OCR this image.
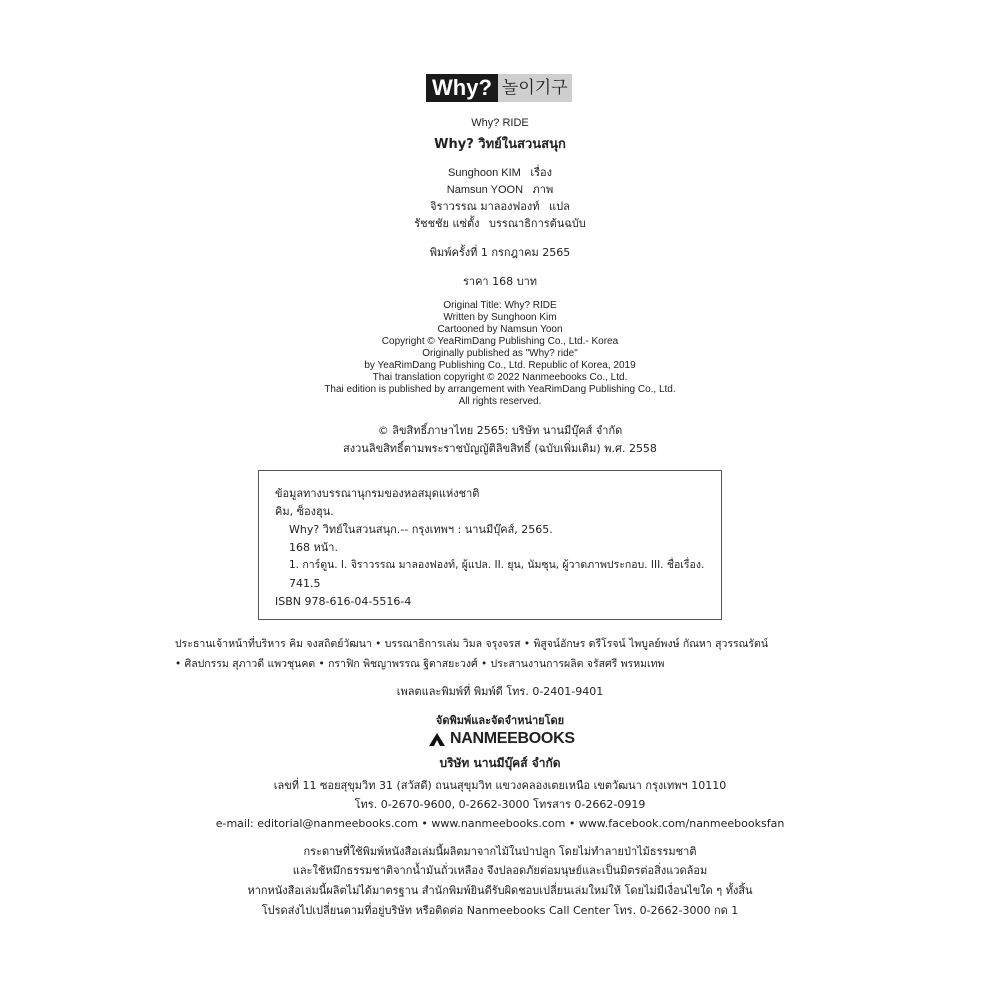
Why? 놀이기구
Why? RIDE
Why? วิทย์ในสวนสนุก
Sunghoon KIM เรื่อง
Namsun YOON ภาพ
จิราวรรณ มาลองฟองท์ แปล
รัชชชัย แซ่ตั้ง บรรณาธิการต้นฉบับ
พิมพ์ครั้งที่ 1 กรกฎาคม 2565
ราคา 168 บาท
Original Title: Why? RIDE
Written by Sunghoon Kim
Cartooned by Namsun Yoon
Copyright © YeaRimDang Publishing Co., Ltd.- Korea
Originally published as "Why? ride"
by YeaRimDang Publishing Co., Ltd. Republic of Korea, 2019
Thai translation copyright © 2022 Nanmeebooks Co., Ltd.
Thai edition is published by arrangement with YeaRimDang Publishing Co., Ltd.
All rights reserved.
© ลิขสิทธิ์ภาษาไทย 2565: บริษัท นานมีบุ๊คส์ จำกัด
สงวนลิขสิทธิ์ตามพระราชบัญญัติลิขสิทธิ์ (ฉบับเพิ่มเติม) พ.ศ. 2558
ข้อมูลทางบรรณานุกรมของหอสมุดแห่งชาติ
คิม, ซ็องฮุน.
Why? วิทย์ในสวนสนุก.-- กรุงเทพฯ : นานมีบุ๊คส์, 2565.
168 หน้า.
1. การ์ตูน. I. จิราวรรณ มาลองฟองท์, ผู้แปล. II. ยุน, นัมซุน, ผู้วาดภาพประกอบ. III. ชื่อเรื่อง.
741.5
ISBN 978-616-04-5516-4
ประธานเจ้าหน้าที่บริหาร คิม จงสถิตย์วัฒนา • บรรณาธิการเล่ม วิมล จรุงจรส • พิสูจน์อักษร ดรีโรจน์ ไพบูลย์พงษ์ กัณหา สุวรรณรัตน์
• ศิลปกรรม สุภาวดี แพวชุนคด • กราฟิก พิชญาพรรณ ฐิตาสยะวงศ์ • ประสานงานการผลิต จรัสศรี พรหมเทพ
เพลตและพิมพ์ที่ พิมพ์ดี โทร. 0-2401-9401
จัดพิมพ์และจัดจำหน่ายโดย
NANMEEBOOKS
บริษัท นานมีบุ๊คส์ จำกัด
เลขที่ 11 ซอยสุขุมวิท 31 (สวัสดี) ถนนสุขุมวิท แขวงคลองเตยเหนือ เขตวัฒนา กรุงเทพฯ 10110
โทร. 0-2670-9600, 0-2662-3000 โทรสาร 0-2662-0919
e-mail: editorial@nanmeebooks.com • www.nanmeebooks.com • www.facebook.com/nanmeebooksfan
กระดาษที่ใช้พิมพ์หนังสือเล่มนี้ผลิตมาจากไม้ในป่าปลูก โดยไม่ทำลายป่าไม้ธรรมชาติ
และใช้หมึกธรรมชาติจากน้ำมันถั่วเหลือง จึงปลอดภัยต่อมนุษย์และเป็นมิตรต่อสิ่งแวดล้อม
หากหนังสือเล่มนี้ผลิตไม่ได้มาตรฐาน สำนักพิมพ์ยินดีรับผิดชอบเปลี่ยนเล่มใหม่ให้ โดยไม่มีเงื่อนไขใด ๆ ทั้งสิ้น
โปรดส่งไปเปลี่ยนตามที่อยู่บริษัท หรือติดต่อ Nanmeebooks Call Center โทร. 0-2662-3000 กด 1
